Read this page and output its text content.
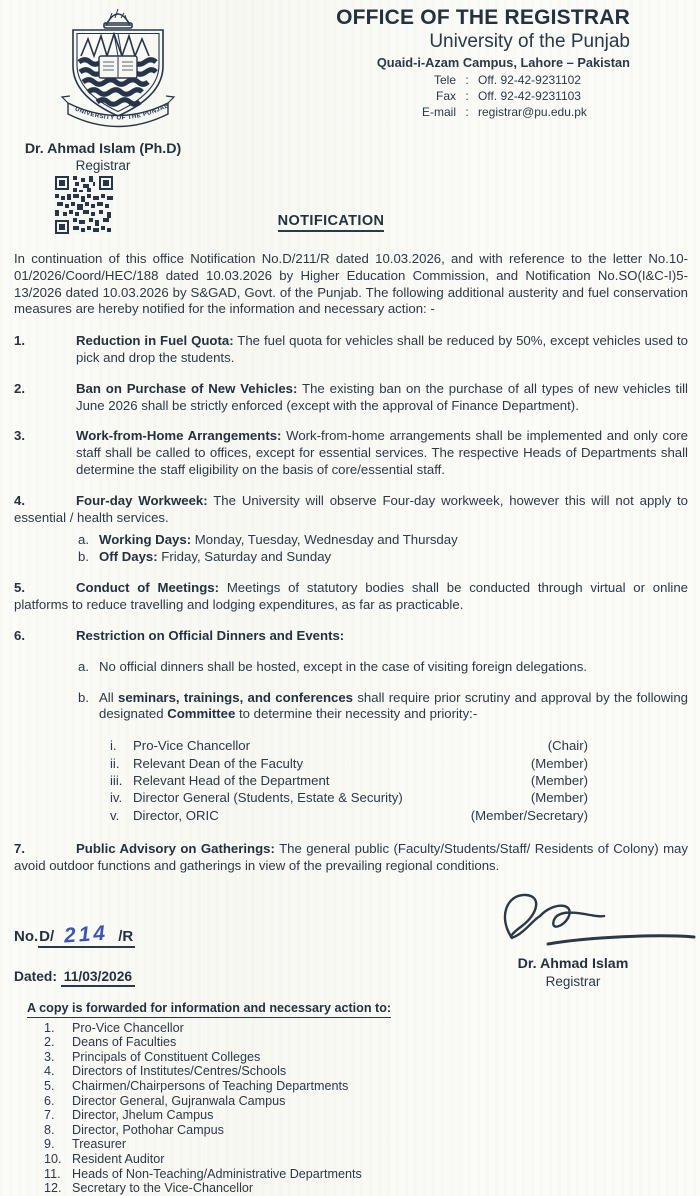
UNIVERSITY OF THE PUNJAB
OFFICE OF THE REGISTRAR
University of the Punjab
Quaid-i-Azam Campus, Lahore – Pakistan
Tele : Off. 92-42-9231102
Fax : Off. 92-42-9231103
E-mail : registrar@pu.edu.pk
Dr. Ahmad Islam (Ph.D)
Registrar
NOTIFICATION

In continuation of this office Notification No.D/211/R dated 10.03.2026, and with reference to the letter No.10-01/2026/Coord/HEC/188 dated 10.03.2026 by Higher Education Commission, and Notification No.SO(I&C-I)5-13/2026 dated 10.03.2026 by S&GAD, Govt. of the Punjab. The following additional austerity and fuel conservation measures are hereby notified for the information and necessary action: -

1.	Reduction in Fuel Quota: The fuel quota for vehicles shall be reduced by 50%, except vehicles used to pick and drop the students.
2.	Ban on Purchase of New Vehicles: The existing ban on the purchase of all types of new vehicles till June 2026 shall be strictly enforced (except with the approval of Finance Department).
3.	Work-from-Home Arrangements: Work-from-home arrangements shall be implemented and only core staff shall be called to offices, except for essential services. The respective Heads of Departments shall determine the staff eligibility on the basis of core/essential staff.
4.	Four-day Workweek: The University will observe Four-day workweek, however this will not apply to essential / health services.
a. Working Days: Monday, Tuesday, Wednesday and Thursday
b. Off Days: Friday, Saturday and Sunday
5.	Conduct of Meetings: Meetings of statutory bodies shall be conducted through virtual or online platforms to reduce travelling and lodging expenditures, as far as practicable.
6.	Restriction on Official Dinners and Events:
a. No official dinners shall be hosted, except in the case of visiting foreign delegations.
b. All seminars, trainings, and conferences shall require prior scrutiny and approval by the following designated Committee to determine their necessity and priority:-
i.	Pro-Vice Chancellor	(Chair)
ii.	Relevant Dean of the Faculty	(Member)
iii. Relevant Head of the Department	(Member)
iv. Director General (Students, Estate & Security)	(Member)
v.	Director, ORIC	(Member/Secretary)
7.	Public Advisory on Gatherings: The general public (Faculty/Students/Staff/ Residents of Colony) may avoid outdoor functions and gatherings in view of the prevailing regional conditions.
No.D/ 214 /R
Dated: 11/03/2026
Dr. Ahmad Islam
Registrar
A copy is forwarded for information and necessary action to:
1. Pro-Vice Chancellor
2. Deans of Faculties
3. Principals of Constituent Colleges
4. Directors of Institutes/Centres/Schools
5. Chairmen/Chairpersons of Teaching Departments
6. Director General, Gujranwala Campus
7. Director, Jhelum Campus
8. Director, Pothohar Campus
9. Treasurer
10. Resident Auditor
11. Heads of Non-Teaching/Administrative Departments
12. Secretary to the Vice-Chancellor
